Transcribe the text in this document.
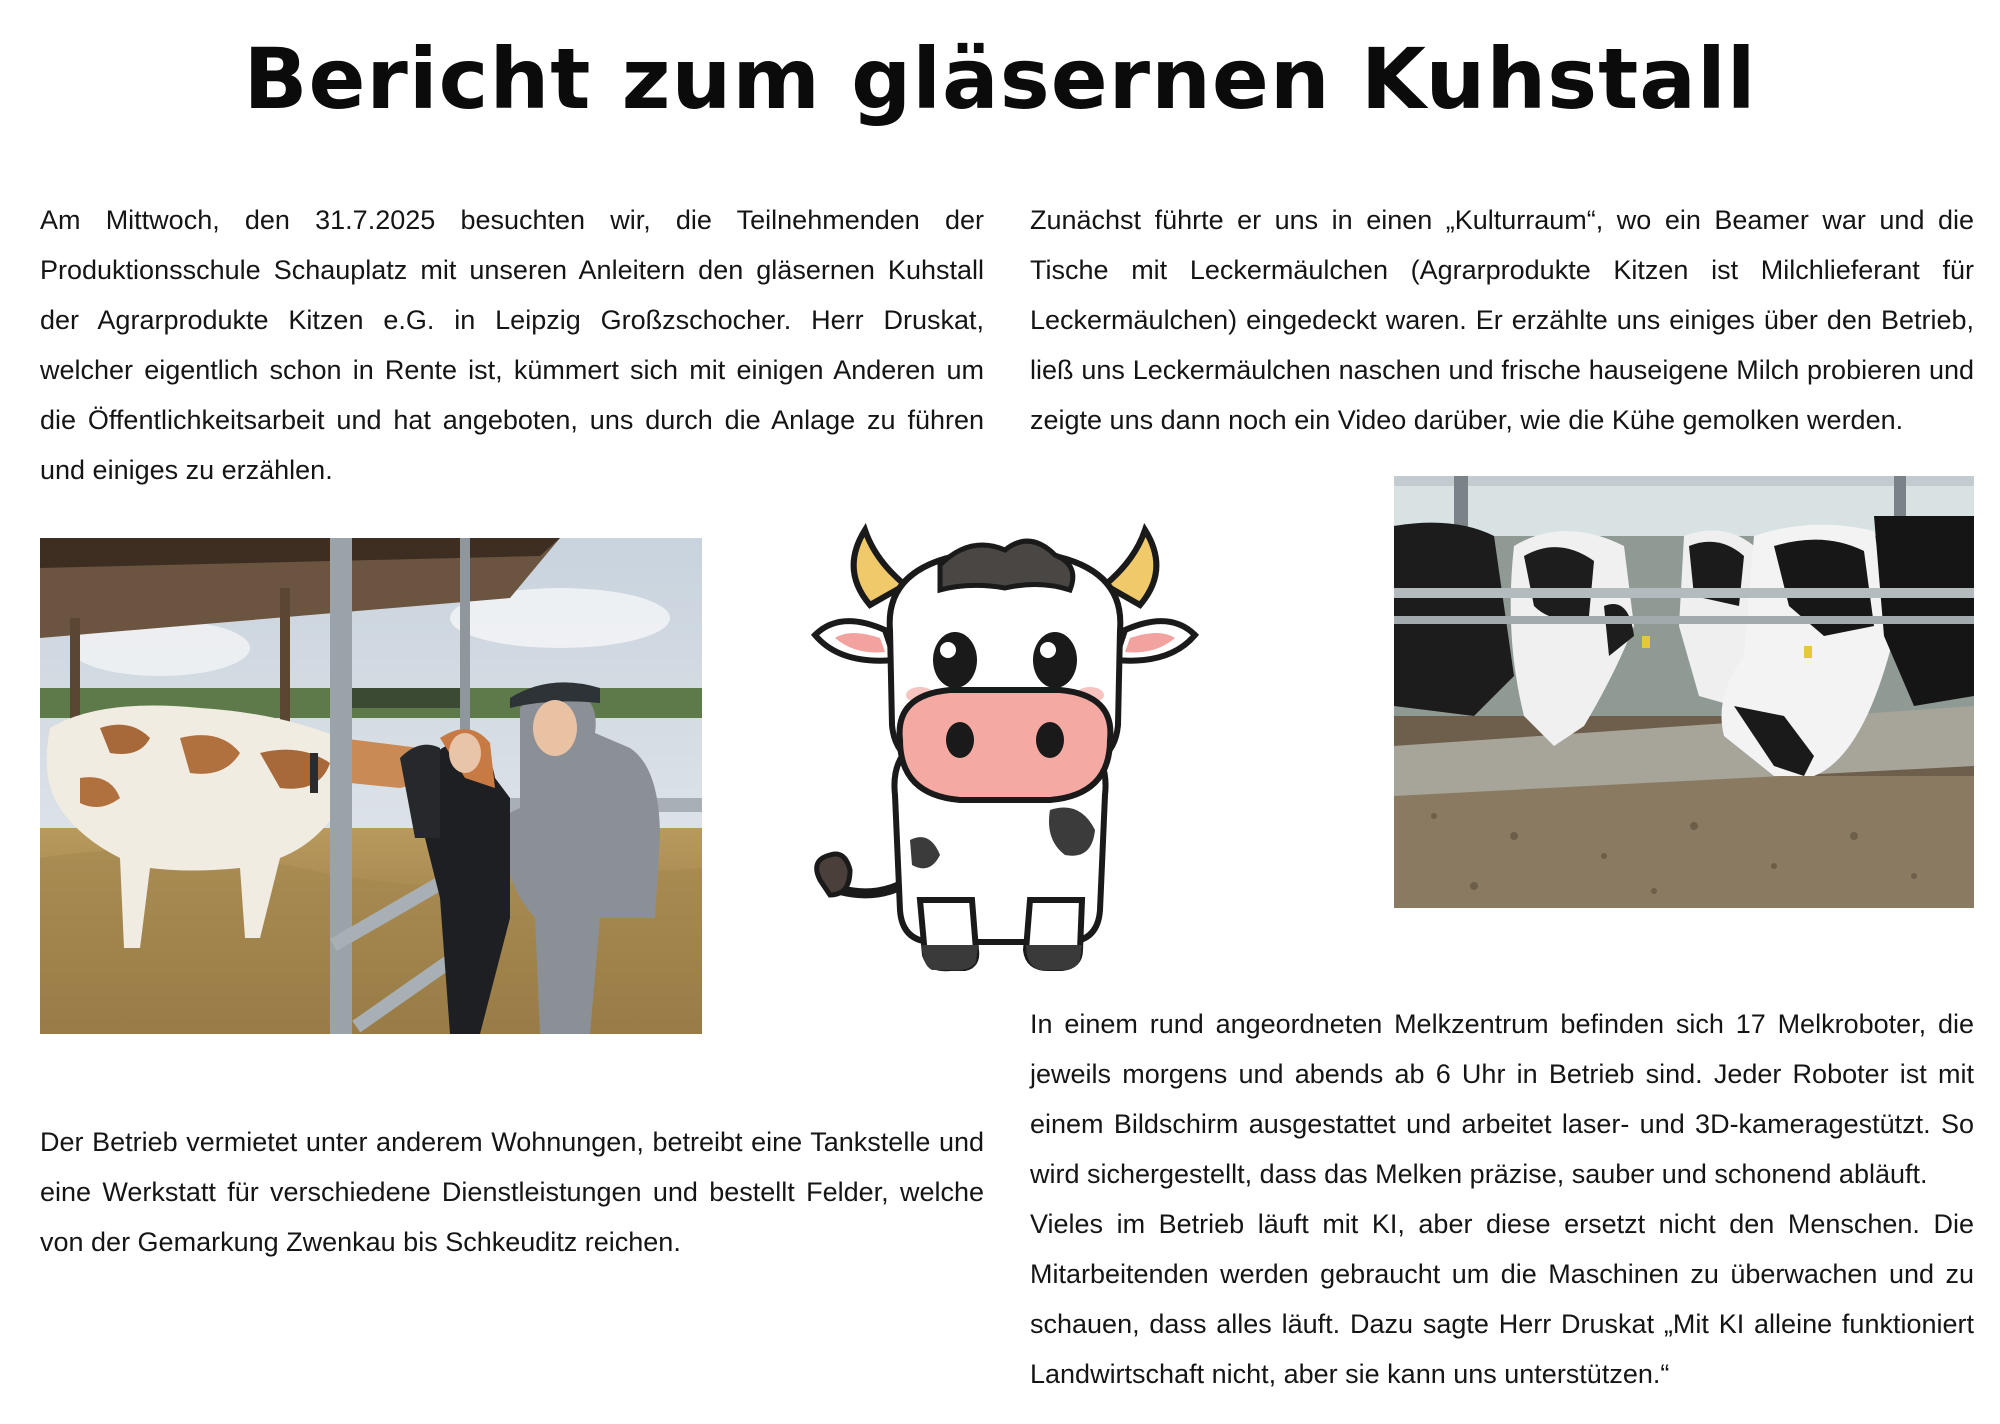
Bericht zum gläsernen Kuhstall

Am Mittwoch, den 31.7.2025 besuchten wir, die Teilnehmenden der Produktionsschule Schauplatz mit unseren Anleitern den gläsernen Kuhstall der Agrarprodukte Kitzen e.G. in Leipzig Großzschocher. Herr Druskat, welcher eigentlich schon in Rente ist, kümmert sich mit einigen Anderen um die Öffentlichkeitsarbeit und hat angeboten, uns durch die Anlage zu führen und einiges zu erzählen.

Zunächst führte er uns in einen „Kulturraum“, wo ein Beamer war und die Tische mit Leckermäulchen (Agrarprodukte Kitzen ist Milchlieferant für Leckermäulchen) eingedeckt waren. Er erzählte uns einiges über den Betrieb, ließ uns Leckermäulchen naschen und frische hauseigene Milch probieren und zeigte uns dann noch ein Video darüber, wie die Kühe gemolken werden.

Der Betrieb vermietet unter anderem Wohnungen, betreibt eine Tankstelle und eine Werkstatt für verschiedene Dienstleistungen und bestellt Felder, welche von der Gemarkung Zwenkau bis Schkeuditz reichen.

In einem rund angeordneten Melkzentrum befinden sich 17 Melkroboter, die jeweils morgens und abends ab 6 Uhr in Betrieb sind. Jeder Roboter ist mit einem Bildschirm ausgestattet und arbeitet laser- und 3D-kameragestützt. So wird sichergestellt, dass das Melken präzise, sauber und schonend abläuft.

Vieles im Betrieb läuft mit KI, aber diese ersetzt nicht den Menschen. Die Mitarbeitenden werden gebraucht um die Maschinen zu überwachen und zu schauen, dass alles läuft. Dazu sagte Herr Druskat „Mit KI alleine funktioniert Landwirtschaft nicht, aber sie kann uns unterstützen.“
